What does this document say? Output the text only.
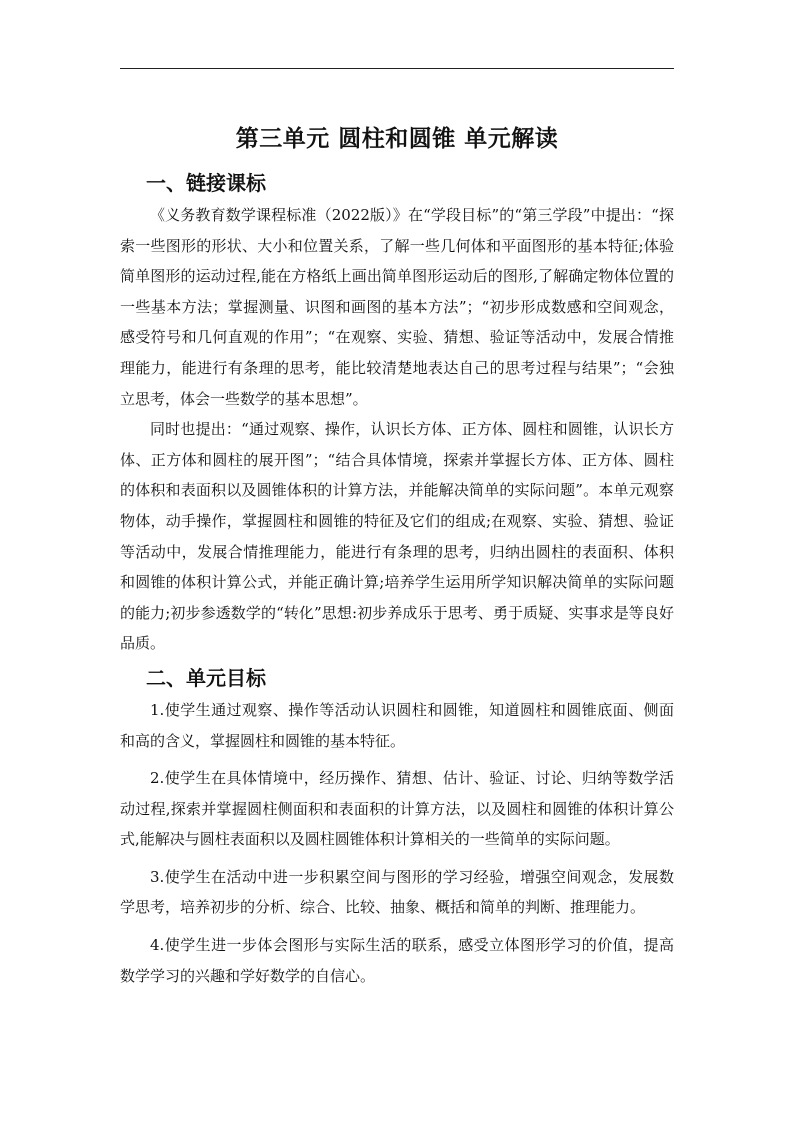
第三单元 圆柱和圆锥 单元解读
一、链接课标

《义务教育数学课程标准（2022版）》在“学段目标”的“第三学段”中提出：“探索一些图形的形状、大小和位置关系，了解一些几何体和平面图形的基本特征;体验简单图形的运动过程,能在方格纸上画出简单图形运动后的图形,了解确定物体位置的一些基本方法；掌握测量、识图和画图的基本方法”；“初步形成数感和空间观念，感受符号和几何直观的作用”；“在观察、实验、猜想、验证等活动中，发展合情推理能力，能进行有条理的思考，能比较清楚地表达自己的思考过程与结果”；“会独立思考，体会一些数学的基本思想”。

同时也提出：“通过观察、操作，认识长方体、正方体、圆柱和圆锥，认识长方体、正方体和圆柱的展开图”；“结合具体情境，探索并掌握长方体、正方体、圆柱的体积和表面积以及圆锥体积的计算方法，并能解决简单的实际问题”。本单元观察物体，动手操作，掌握圆柱和圆锥的特征及它们的组成;在观察、实验、猜想、验证等活动中，发展合情推理能力，能进行有条理的思考，归纳出圆柱的表面积、体积和圆锥的体积计算公式，并能正确计算;培养学生运用所学知识解决简单的实际问题的能力;初步参透数学的“转化”思想:初步养成乐于思考、勇于质疑、实事求是等良好品质。

二、单元目标

1.使学生通过观察、操作等活动认识圆柱和圆锥，知道圆柱和圆锥底面、侧面和高的含义，掌握圆柱和圆锥的基本特征。

2.使学生在具体情境中，经历操作、猜想、估计、验证、讨论、归纳等数学活动过程,探索并掌握圆柱侧面积和表面积的计算方法，以及圆柱和圆锥的体积计算公式,能解决与圆柱表面积以及圆柱圆锥体积计算相关的一些简单的实际问题。

3.使学生在活动中进一步积累空间与图形的学习经验，增强空间观念，发展数学思考，培养初步的分析、综合、比较、抽象、概括和简单的判断、推理能力。

4.使学生进一步体会图形与实际生活的联系，感受立体图形学习的价值，提高数学学习的兴趣和学好数学的自信心。
